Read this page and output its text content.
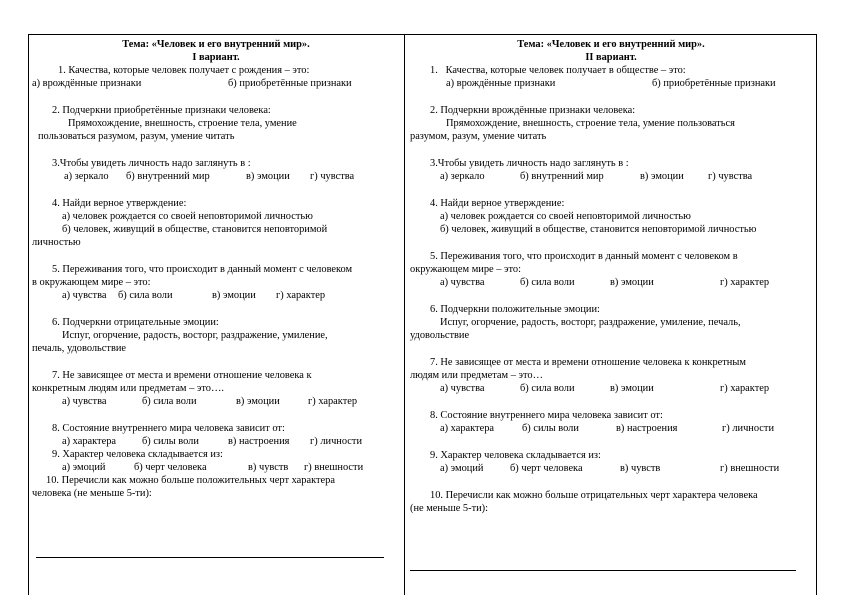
Тема: «Человек и его внутренний мир».

I вариант.

1. Качества, которые человек получает с рождения – это:

а) врождённые признаки	б) приобретённые признаки

2. Подчеркни приобретённые признаки человека:

Прямохождение, внешность, строение тела, умение

пользоваться разумом, разум, умение читать

3.Чтобы увидеть личность надо заглянуть в :

а) зеркало б) внутренний мир	в) эмоции г) чувства

4. Найди верное утверждение:

а) человек рождается со своей неповторимой личностью

б) человек, живущий в обществе, становится неповторимой

личностью

5. Переживания того, что происходит в данный момент с человеком

в окружающем мире – это:

а) чувства б) сила воли	в) эмоции г) характер

6. Подчеркни отрицательные эмоции:

Испуг, огорчение, радость, восторг, раздражение, умиление,

печаль, удовольствие

7. Не зависящее от места и времени отношение человека к

конкретным людям или предметам – это….

а) чувства	б) сила воли	в) эмоции	г) характер

8. Состояние внутреннего мира человека зависит от:

а) характера б) силы воли	в) настроения г) личности

9. Характер человека складывается из:

а) эмоций	б) черт человека	в) чувств г) внешности

10. Перечисли как можно больше положительных черт характера

человека (не меньше 5-ти):

Тема: «Человек и его внутренний мир».

II вариант.

1.   Качества, которые человек получает в обществе – это:

а) врождённые признаки	б) приобретённые признаки

2. Подчеркни врождённые признаки человека:

Прямохождение, внешность, строение тела, умение пользоваться

разумом, разум, умение читать

3.Чтобы увидеть личность надо заглянуть в :

а) зеркало	б) внутренний мир	в) эмоции г) чувства

4. Найди верное утверждение:

а) человек рождается со своей неповторимой личностью

б) человек, живущий в обществе, становится неповторимой личностью

5. Переживания того, что происходит в данный момент с человеком в

окружающем мире – это:

а) чувства	б) сила воли	в) эмоции	г) характер

6. Подчеркни положительные эмоции:

Испуг, огорчение, радость, восторг, раздражение, умиление, печаль,

удовольствие

7. Не зависящее от места и времени отношение человека к конкретным

людям или предметам – это…

а) чувства	б) сила воли	в) эмоции	г) характер

8. Состояние внутреннего мира человека зависит от:

а) характера	б) силы воли	в) настроения	г) личности

9. Характер человека складывается из:

а) эмоций	б) черт человека	в) чувств	г) внешности

10. Перечисли как можно больше отрицательных черт характера человека

(не меньше 5-ти):
